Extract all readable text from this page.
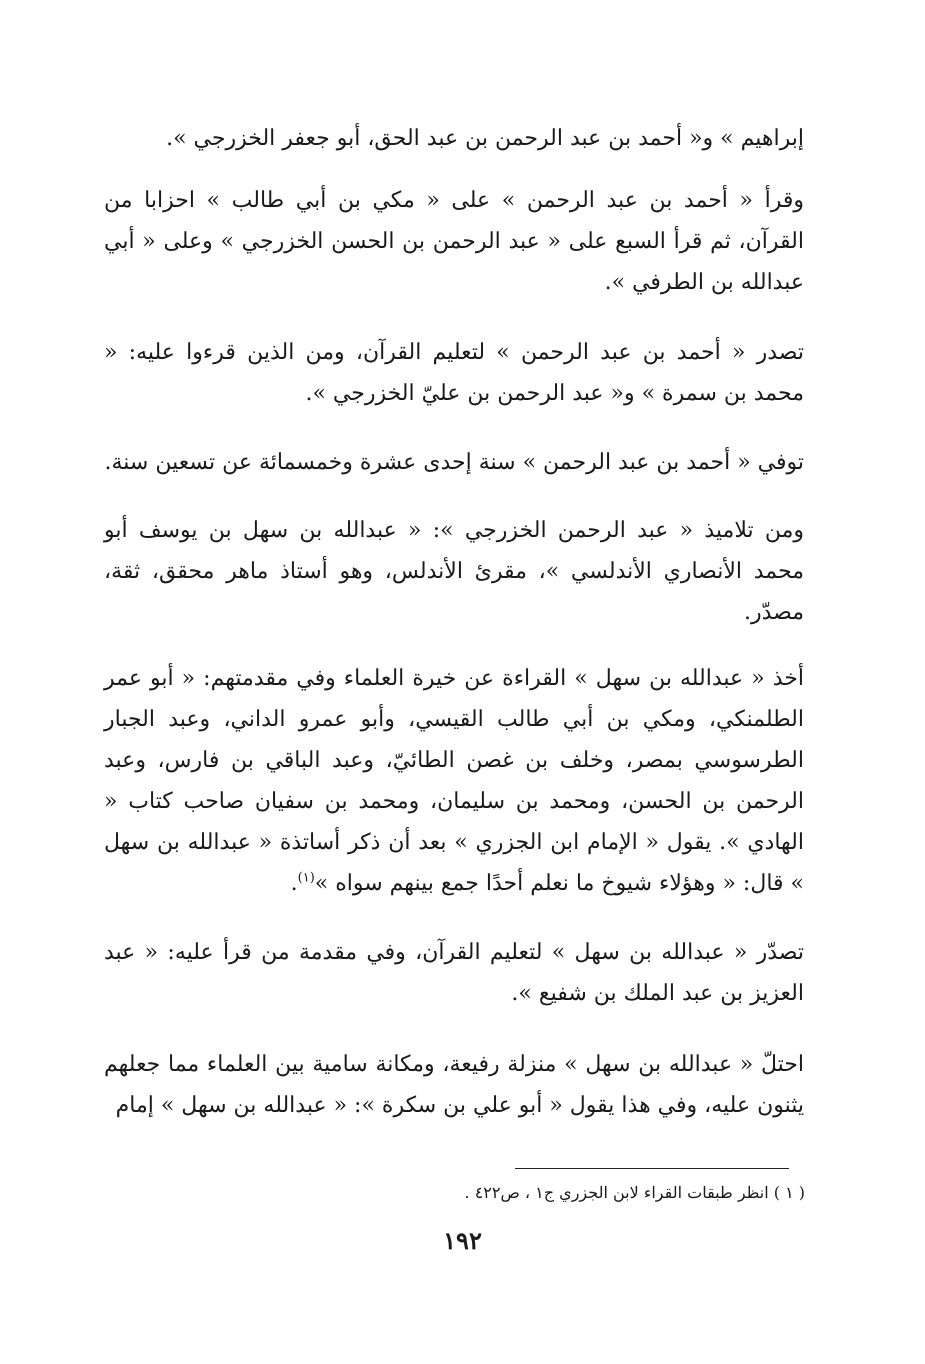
إبراهيم » و« أحمد بن عبد الرحمن بن عبد الحق، أبو جعفر الخزرجي ».

وقرأ « أحمد بن عبد الرحمن » على « مكي بن أبي طالب » احزابا من القرآن، ثم قرأ السبع على « عبد الرحمن بن الحسن الخزرجي » وعلى « أبي عبدالله بن الطرفي ».

تصدر « أحمد بن عبد الرحمن » لتعليم القرآن، ومن الذين قرءوا عليه: « محمد بن سمرة » و« عبد الرحمن بن عليّ الخزرجي ».

توفي « أحمد بن عبد الرحمن » سنة إحدى عشرة وخمسمائة عن تسعين سنة.

ومن تلاميذ « عبد الرحمن الخزرجي »: « عبدالله بن سهل بن يوسف أبو محمد الأنصاري الأندلسي »، مقرئ الأندلس، وهو أستاذ ماهر محقق، ثقة، مصدّر.

أخذ « عبدالله بن سهل » القراءة عن خيرة العلماء وفي مقدمتهم: « أبو عمر الطلمنكي، ومكي بن أبي طالب القيسي، وأبو عمرو الداني، وعبد الجبار الطرسوسي بمصر، وخلف بن غصن الطائيّ، وعبد الباقي بن فارس، وعبد الرحمن بن الحسن، ومحمد بن سليمان، ومحمد بن سفيان صاحب كتاب « الهادي ». يقول « الإمام ابن الجزري » بعد أن ذكر أساتذة « عبدالله بن سهل » قال: « وهؤلاء شيوخ ما نعلم أحدًا جمع بينهم سواه »$^{(١)}$.

تصدّر « عبدالله بن سهل » لتعليم القرآن، وفي مقدمة من قرأ عليه: « عبد العزيز بن عبد الملك بن شفيع ».

احتلّ « عبدالله بن سهل » منزلة رفيعة، ومكانة سامية بين العلماء مما جعلهم يثنون عليه، وفي هذا يقول « أبو علي بن سكرة »: « عبدالله بن سهل » إمام

( ١ ) انظر طبقات القراء لابن الجزري ج١ ، ص٤٢٢ .
١٩٢
